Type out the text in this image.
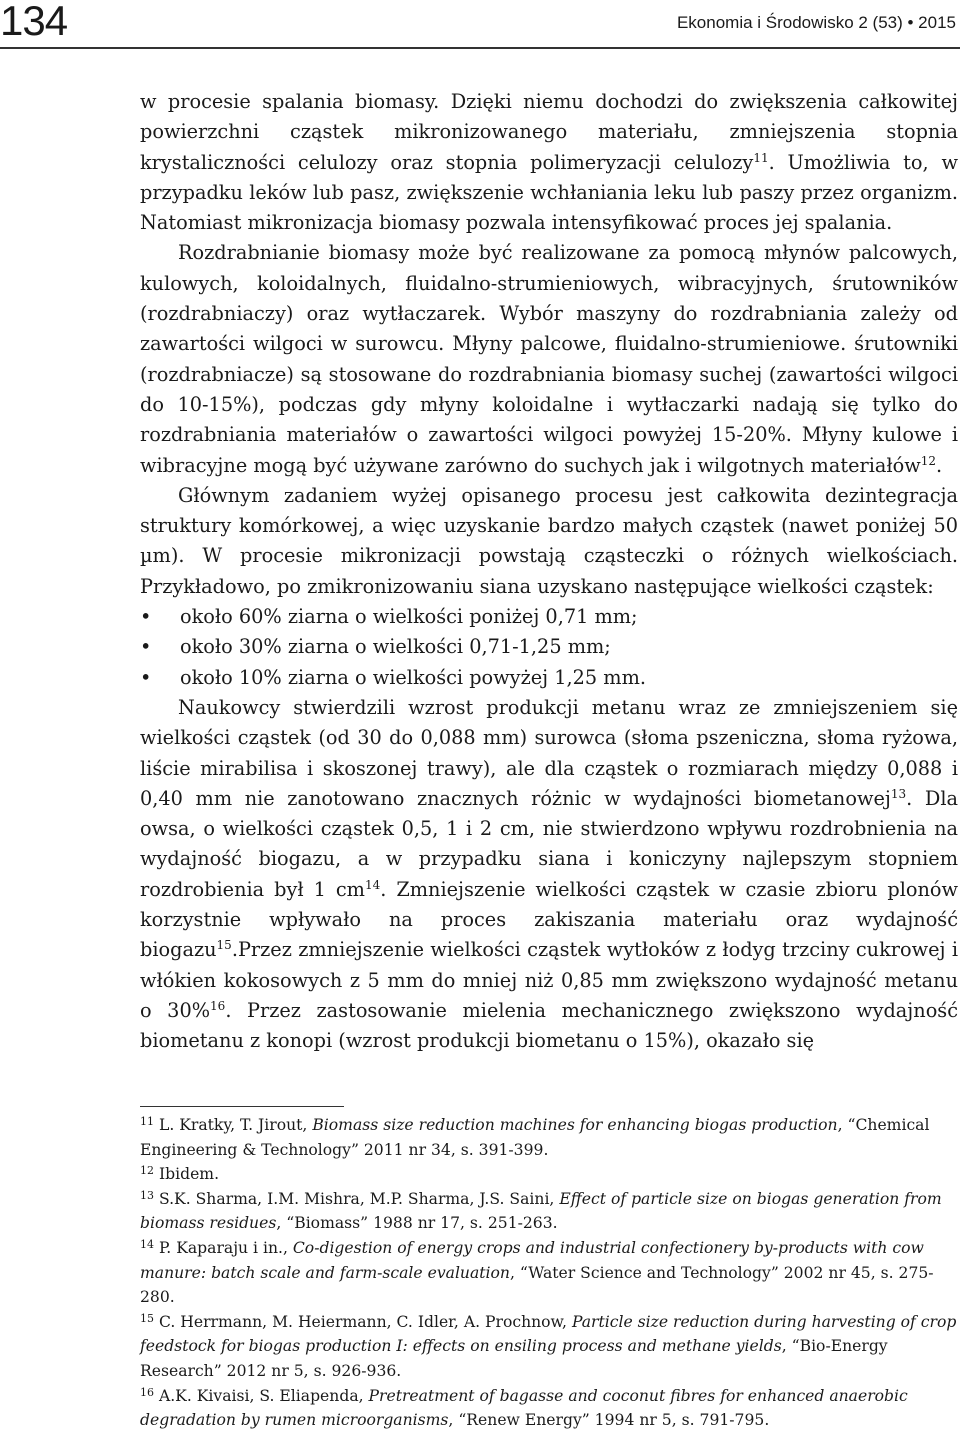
134	Ekonomia i Środowisko 2 (53) • 2015

w procesie spalania biomasy. Dzięki niemu dochodzi do zwiększenia całkowitej powierzchni cząstek mikronizowanego materiału, zmniejszenia stopnia krystaliczności celulozy oraz stopnia polimeryzacji celulozy$^{11}$. Umożliwia to, w przypadku leków lub pasz, zwiększenie wchłaniania leku lub paszy przez organizm. Natomiast mikronizacja biomasy pozwala intensyfikować proces jej spalania.

Rozdrabnianie biomasy może być realizowane za pomocą młynów palcowych, kulowych, koloidalnych, fluidalno-strumieniowych, wibracyjnych, śrutowników (rozdrabniaczy) oraz wytłaczarek. Wybór maszyny do rozdrabniania zależy od zawartości wilgoci w surowcu. Młyny palcowe, fluidalno-strumieniowe. śrutowniki (rozdrabniacze) są stosowane do rozdrabniania biomasy suchej (zawartości wilgoci do 10-15%), podczas gdy młyny koloidalne i wytłaczarki nadają się tylko do rozdrabniania materiałów o zawartości wilgoci powyżej 15-20%. Młyny kulowe i wibracyjne mogą być używane zarówno do suchych jak i wilgotnych materiałów$^{12}$.

Głównym zadaniem wyżej opisanego procesu jest całkowita dezintegracja struktury komórkowej, a więc uzyskanie bardzo małych cząstek (nawet poniżej 50 µm). W procesie mikronizacji powstają cząsteczki o różnych wielkościach. Przykładowo, po zmikronizowaniu siana uzyskano następujące wielkości cząstek:

• około 60% ziarna o wielkości poniżej 0,71 mm;
• około 30% ziarna o wielkości 0,71-1,25 mm;
• około 10% ziarna o wielkości powyżej 1,25 mm.

Naukowcy stwierdzili wzrost produkcji metanu wraz ze zmniejszeniem się wielkości cząstek (od 30 do 0,088 mm) surowca (słoma pszeniczna, słoma ryżowa, liście mirabilisa i skoszonej trawy), ale dla cząstek o rozmiarach między 0,088 i 0,40 mm nie zanotowano znacznych różnic w wydajności biometanowej$^{13}$. Dla owsa, o wielkości cząstek 0,5, 1 i 2 cm, nie stwierdzono wpływu rozdrobnienia na wydajność biogazu, a w przypadku siana i koniczyny najlepszym stopniem rozdrobienia był 1 $cm^{14}$. Zmniejszenie wielkości cząstek w czasie zbioru plonów korzystnie wpływało na proces zakiszania materiału oraz wydajność biogazu$^{15}$.Przez zmniejszenie wielkości cząstek wytłoków z łodyg trzciny cukrowej i włókien kokosowych z 5 mm do mniej niż 0,85 mm zwiększono wydajność metanu o 30%$^{16}$. Przez zastosowanie mielenia mechanicznego zwiększono wydajność biometanu z konopi (wzrost produkcji biometanu o 15%), okazało się

$^{11}$ L. Kratky, T. Jirout, Biomass size reduction machines for enhancing biogas production, “Chemical Engineering & Technology” 2011 nr 34, s. 391-399.

$^{12}$ Ibidem.

$^{13}$ S.K. Sharma, I.M. Mishra, M.P. Sharma, J.S. Saini, Effect of particle size on biogas generation from biomass residues, “Biomass” 1988 nr 17, s. 251-263.

$^{14}$ P. Kaparaju i in., Co-digestion of energy crops and industrial confectionery by-products with cow manure: batch scale and farm-scale evaluation, “Water Science and Technology” 2002 nr 45, s. 275-280.

$^{15}$ C. Herrmann, M. Heiermann, C. Idler, A. Prochnow, Particle size reduction during harvesting of crop feedstock for biogas production I: effects on ensiling process and methane yields, “Bio-Energy Research” 2012 nr 5, s. 926-936.

$^{16}$ A.K. Kivaisi, S. Eliapenda, Pretreatment of bagasse and coconut fibres for enhanced anaerobic degradation by rumen microorganisms, “Renew Energy” 1994 nr 5, s. 791-795.
